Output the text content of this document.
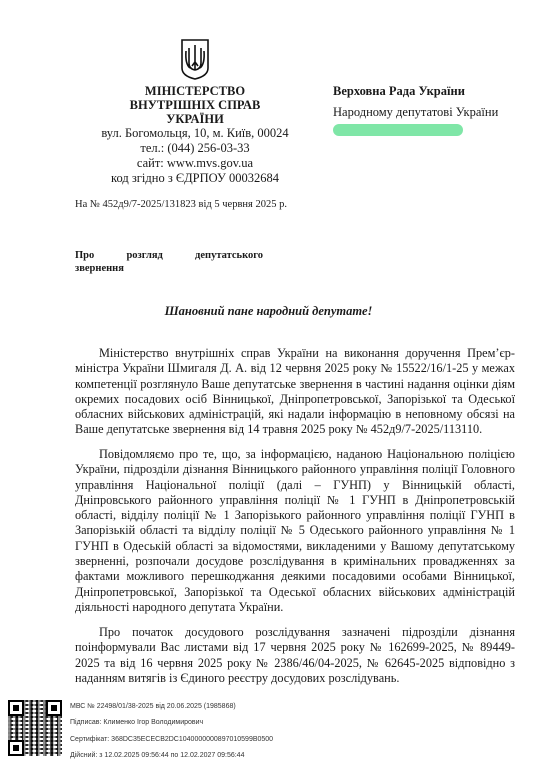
МІНІСТЕРСТВО
ВНУТРІШНІХ СПРАВ
УКРАЇНИ
вул. Богомольця, 10, м. Київ, 00024
тел.: (044) 256-03-33
сайт: www.mvs.gov.ua
код згідно з ЄДРПОУ 00032684
Верховна Рада України
Народному депутатові України
На № 452д9/7-2025/131823 від 5 червня 2025 р.
Про	розгляд	депутатського
звернення
Шановний пане народний депутате!
Міністерство внутрішніх справ України на виконання доручення Прем’єр-міністра України Шмигаля Д. А. від 12 червня 2025 року № 15522/16/1-25 у межах компетенції розглянуло Ваше депутатське звернення в частині надання оцінки діям окремих посадових осіб Вінницької, Дніпропетровської, Запорізької та Одеської обласних військових адміністрацій, які надали інформацію в неповному обсязі на Ваше депутатське звернення від 14 травня 2025 року № 452д9/7-2025/113110.
Повідомляємо про те, що, за інформацією, наданою Національною поліцією України, підрозділи дізнання Вінницького районного управління поліції Головного управління Національної поліції (далі – ГУНП) у Вінницькій області, Дніпровського районного управління поліції № 1 ГУНП в Дніпропетровській області, відділу поліції № 1 Запорізького районного управління поліції ГУНП в Запорізькій області та відділу поліції № 5 Одеського районного управління № 1 ГУНП в Одеській області за відомостями, викладеними у Вашому депутатському зверненні, розпочали досудове розслідування в кримінальних провадженнях за фактами можливого перешкоджання деякими посадовими особами Вінницької, Дніпропетровської, Запорізької та Одеської обласних військових адміністрацій діяльності народного депутата України.
Про початок досудового розслідування зазначені підрозділи дізнання поінформували Вас листами від 17 червня 2025 року № 162699-2025, № 89449-2025 та від 16 червня 2025 року № 2386/46/04-2025, № 62645-2025 відповідно з наданням витягів із Єдиного реєстру досудових розслідувань.
МВС № 22498/01/38-2025 від 20.06.2025 (1985868)
Підписав: Клименко Ігор Володимирович
Сертифікат: 368DC35ECECB2DC1040000000897010599B0500
Дійсний: з 12.02.2025 09:56:44 по 12.02.2027 09:56:44
